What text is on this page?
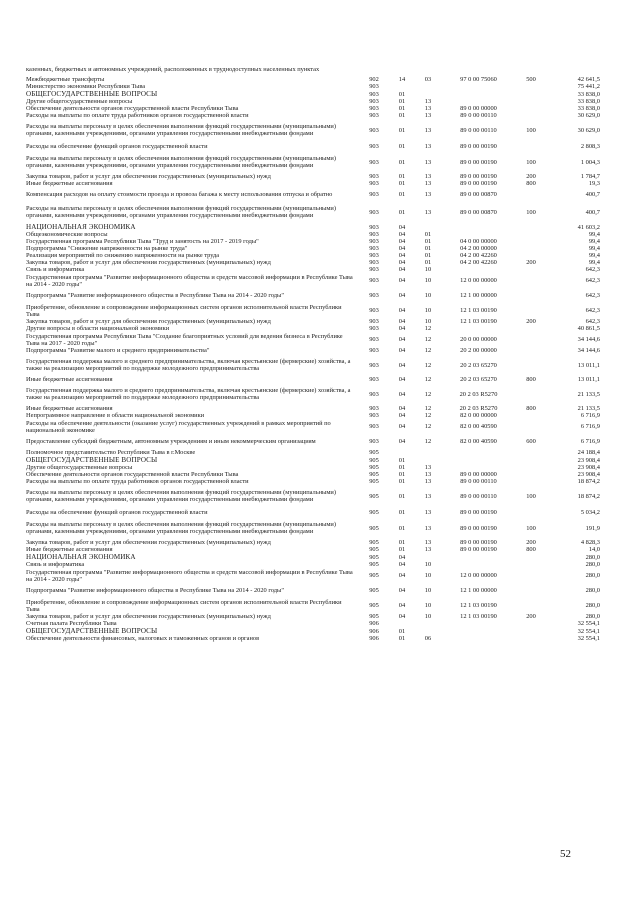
казенных, бюджетных и автономных учреждений, расположенных в труднодоступных населенных пунктах
Межбюджетные трансферты	902	14	03	97 0 00 75060	500	42 641,5
Министерство экономики Республики Тыва	903	75 441,2
ОБЩЕГОСУДАРСТВЕННЫЕ ВОПРОСЫ	903	01	33 838,0
Другие общегосударственные вопросы	903	01	13	33 838,0
Обеспечение деятельности органов государственной власти Республики Тыва	903	01	13	89 0 00 00000	33 838,0
Расходы на выплаты по оплате труда работников органов государственной власти	903	01	13	89 0 00 00110	30 629,0
Расходы на выплаты персоналу в целях обеспечения выполнения функций государственными (муниципальными) органами, казенными учреждениями, органами управления государственными внебюджетными фондами	903	01	13	89 0 00 00110	100	30 629,0
Расходы на обеспечение функций органов государственной власти	903	01	13	89 0 00 00190	2 808,3
Расходы на выплаты персоналу в целях обеспечения выполнения функций государственными (муниципальными) органами, казенными учреждениями, органами управления государственными внебюджетными фондами	903	01	13	89 0 00 00190	100	1 004,3
Закупка товаров, работ и услуг для обеспечения государственных (муниципальных) нужд	903	01	13	89 0 00 00190	200	1 784,7
Иные бюджетные ассигнования	903	01	13	89 0 00 00190	800	19,3
Компенсация расходов на оплату стоимости проезда и провоза багажа к месту использования отпуска и обратно	903	01	13	89 0 00 00870	400,7
Расходы на выплаты персоналу в целях обеспечения выполнения функций государственными (муниципальными) органами, казенными учреждениями, органами управления государственными внебюджетными фондами	903	01	13	89 0 00 00870	100	400,7
НАЦИОНАЛЬНАЯ ЭКОНОМИКА	903	04	41 603,2
Общеэкономические вопросы	903	04	01	99,4
Государственная программа Республики Тыва "Труд и занятость на 2017 - 2019 годы"	903	04	01	04 0 00 00000	99,4
Подпрограмма "Снижение напряженности на рынке труда"	903	04	01	04 2 00 00000	99,4
Реализация мероприятий по снижению напряженности на рынке труда	903	04	01	04 2 00 42260	99,4
Закупка товаров, работ и услуг для обеспечения государственных (муниципальных) нужд	903	04	01	04 2 00 42260	200	99,4
Связь и информатика	903	04	10	642,3
Государственная программа "Развитие информационного общества и средств массовой информации в Республике Тыва на 2014 - 2020 годы"	903	04	10	12 0 00 00000	642,3
Подпрограмма "Развитие информационного общества в Республике Тыва на 2014 - 2020 годы"	903	04	10	12 1 00 00000	642,3
Приобретение, обновление и сопровождение информационных систем органов исполнительной власти Республики Тыва	903	04	10	12 1 03 00190	642,3
Закупка товаров, работ и услуг для обеспечения государственных (муниципальных) нужд	903	04	10	12 1 03 00190	200	642,3
Другие вопросы в области национальной экономики	903	04	12	40 861,5
Государственная программа Республики Тыва "Создание благоприятных условий для ведения бизнеса в Республике Тыва на 2017 - 2020 годы"	903	04	12	20 0 00 00000	34 144,6
Подпрограмма "Развитие малого и среднего предпринимательства"	903	04	12	20 2 00 00000	34 144,6
Государственная поддержка малого и среднего предпринимательства, включая крестьянские (фермерские) хозяйства, а также на реализацию мероприятий по поддержке молодежного предпринимательства	903	04	12	20 2 03 65270	13 011,1
Иные бюджетные ассигнования	903	04	12	20 2 03 65270	800	13 011,1
Государственная поддержка малого и среднего предпринимательства, включая крестьянские (фермерские) хозяйства, а также на реализацию мероприятий по поддержке молодежного предпринимательства	903	04	12	20 2 03 R5270	21 133,5
Иные бюджетные ассигнования	903	04	12	20 2 03 R5270	800	21 133,5
Непрограммное направление в области национальной экономики	903	04	12	82 0 00 00000	6 716,9
Расходы на обеспечение деятельности (оказание услуг) государственных учреждений в рамках мероприятий по национальной экономике	903	04	12	82 0 00 40590	6 716,9
Предоставление субсидий бюджетным, автономным учреждениям и иным некоммерческим организациям	903	04	12	82 0 00 40590	600	6 716,9
Полномочное представительство Республики Тыва в г.Москве	905	24 188,4
ОБЩЕГОСУДАРСТВЕННЫЕ ВОПРОСЫ	905	01	23 908,4
Другие общегосударственные вопросы	905	01	13	23 908,4
Обеспечение деятельности органов государственной власти Республики Тыва	905	01	13	89 0 00 00000	23 908,4
Расходы на выплаты по оплате труда работников органов государственной власти	905	01	13	89 0 00 00110	18 874,2
Расходы на выплаты персоналу в целях обеспечения выполнения функций государственными (муниципальными) органами, казенными учреждениями, органами управления государственными внебюджетными фондами	905	01	13	89 0 00 00110	100	18 874,2
Расходы на обеспечение функций органов государственной власти	905	01	13	89 0 00 00190	5 034,2
Расходы на выплаты персоналу в целях обеспечения выполнения функций государственными (муниципальными) органами, казенными учреждениями, органами управления государственными внебюджетными фондами	905	01	13	89 0 00 00190	100	191,9
Закупка товаров, работ и услуг для обеспечения государственных (муниципальных) нужд	905	01	13	89 0 00 00190	200	4 828,3
Иные бюджетные ассигнования	905	01	13	89 0 00 00190	800	14,0
НАЦИОНАЛЬНАЯ ЭКОНОМИКА	905	04	280,0
Связь и информатика	905	04	10	280,0
Государственная программа "Развитие информационного общества и средств массовой информации в Республике Тыва на 2014 - 2020 годы"	905	04	10	12 0 00 00000	280,0
Подпрограмма "Развитие информационного общества в Республике Тыва на 2014 - 2020 годы"	905	04	10	12 1 00 00000	280,0
Приобретение, обновление и сопровождение информационных систем органов исполнительной власти Республики Тыва	905	04	10	12 1 03 00190	280,0
Закупка товаров, работ и услуг для обеспечения государственных (муниципальных) нужд	905	04	10	12 1 03 00190	200	280,0
Счетная палата Республики Тыва	906	32 554,1
ОБЩЕГОСУДАРСТВЕННЫЕ ВОПРОСЫ	906	01	32 554,1
Обеспечение деятельности финансовых, налоговых и таможенных органов и органов	906	01	06	32 554,1
52
